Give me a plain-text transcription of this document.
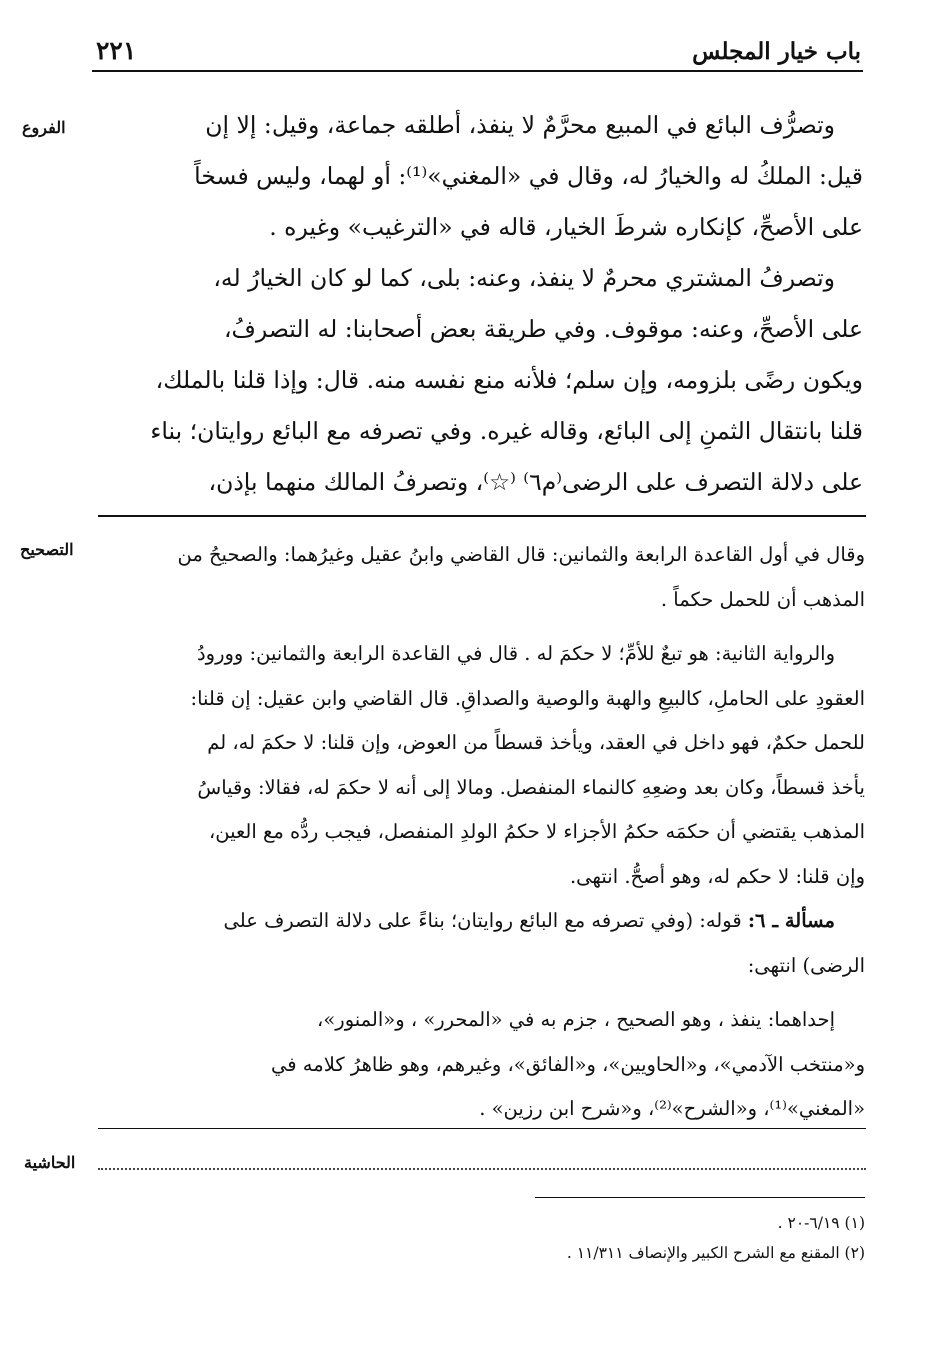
باب خيار المجلس
٢٢١
الفروع
التصحيح
الحاشية
وتصرُّف البائع في المبيع محرَّمٌ لا ينفذ، أطلقه جماعة، وقيل: إلا إن
قيل: الملكُ له والخيارُ له، وقال في «المغني»⁽¹⁾: أو لهما، وليس فسخاً
على الأصحِّ، كإنكاره شرطَ الخيار، قاله في «الترغيب» وغيره .
وتصرفُ المشتري محرمٌ لا ينفذ، وعنه: بلى، كما لو كان الخيارُ له،
على الأصحِّ، وعنه: موقوف. وفي طريقة بعض أصحابنا: له التصرفُ،
ويكون رضًى بلزومه، وإن سلم؛ فلأنه منع نفسه منه. قال: وإذا قلنا بالملك،
قلنا بانتقال الثمنِ إلى البائع، وقاله غيره. وفي تصرفه مع البائع روايتان؛ بناء
على دلالة التصرف على الرضى⁽م٦⁾ ⁽☆⁾، وتصرفُ المالك منهما بإذن،
وقال في أول القاعدة الرابعة والثمانين: قال القاضي وابنُ عقيل وغيرُهما: والصحيحُ من
المذهب أن للحمل حكماً .
والرواية الثانية: هو تبعٌ للأمِّ؛ لا حكمَ له . قال في القاعدة الرابعة والثمانين: وورودُ
العقودِ على الحاملِ، كالبيعِ والهبة والوصية والصداقِ. قال القاضي وابن عقيل: إن قلنا:
للحمل حكمٌ، فهو داخل في العقد، ويأخذ قسطاً من العوض، وإن قلنا: لا حكمَ له، لم
يأخذ قسطاً، وكان بعد وضعِهِ كالنماء المنفصل. ومالا إلى أنه لا حكمَ له، فقالا: وقياسُ
المذهب يقتضي أن حكمَه حكمُ الأجزاء لا حكمُ الولدِ المنفصل، فيجب ردُّه مع العين،
وإن قلنا: لا حكم له، وهو أصحُّ. انتهى.
مسألة ـ ٦: قوله: (وفي تصرفه مع البائع روايتان؛ بناءً على دلالة التصرف على
الرضى) انتهى:
إحداهما: ينفذ ، وهو الصحيح ، جزم به في «المحرر» ، و«المنور»،
و«منتخب الآدمي»، و«الحاويين»، و«الفائق»، وغيرهم، وهو ظاهرُ كلامه في
«المغني»⁽¹⁾، و«الشرح»⁽²⁾، و«شرح ابن رزين» .
(١) ٦/١٩-٢٠ .
(٢) المقنع مع الشرح الكبير والإنصاف ١١/٣١١ .
